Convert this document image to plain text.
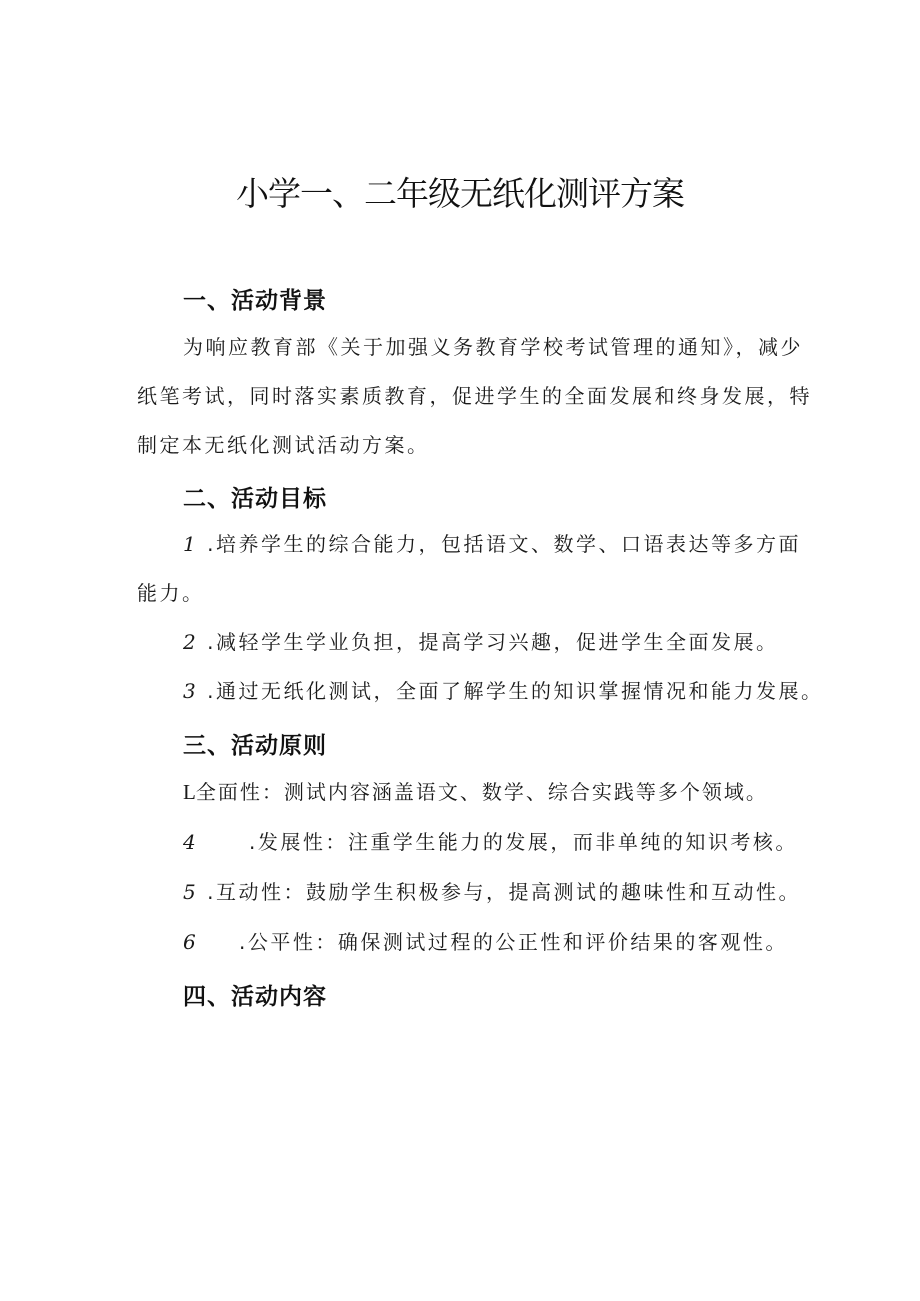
小学一、二年级无纸化测评方案
一、活动背景
为响应教育部《关于加强义务教育学校考试管理的通知》，减少
纸笔考试，同时落实素质教育，促进学生的全面发展和终身发展，特
制定本无纸化测试活动方案。
二、活动目标
1 .培养学生的综合能力，包括语文、数学、口语表达等多方面
能力。
2 .减轻学生学业负担，提高学习兴趣，促进学生全面发展。
3 .通过无纸化测试，全面了解学生的知识掌握情况和能力发展。
三、活动原则
L全面性：测试内容涵盖语文、数学、综合实践等多个领域。
4	.发展性：注重学生能力的发展，而非单纯的知识考核。
5 .互动性：鼓励学生积极参与，提高测试的趣味性和互动性。
6 .公平性：确保测试过程的公正性和评价结果的客观性。
四、活动内容
